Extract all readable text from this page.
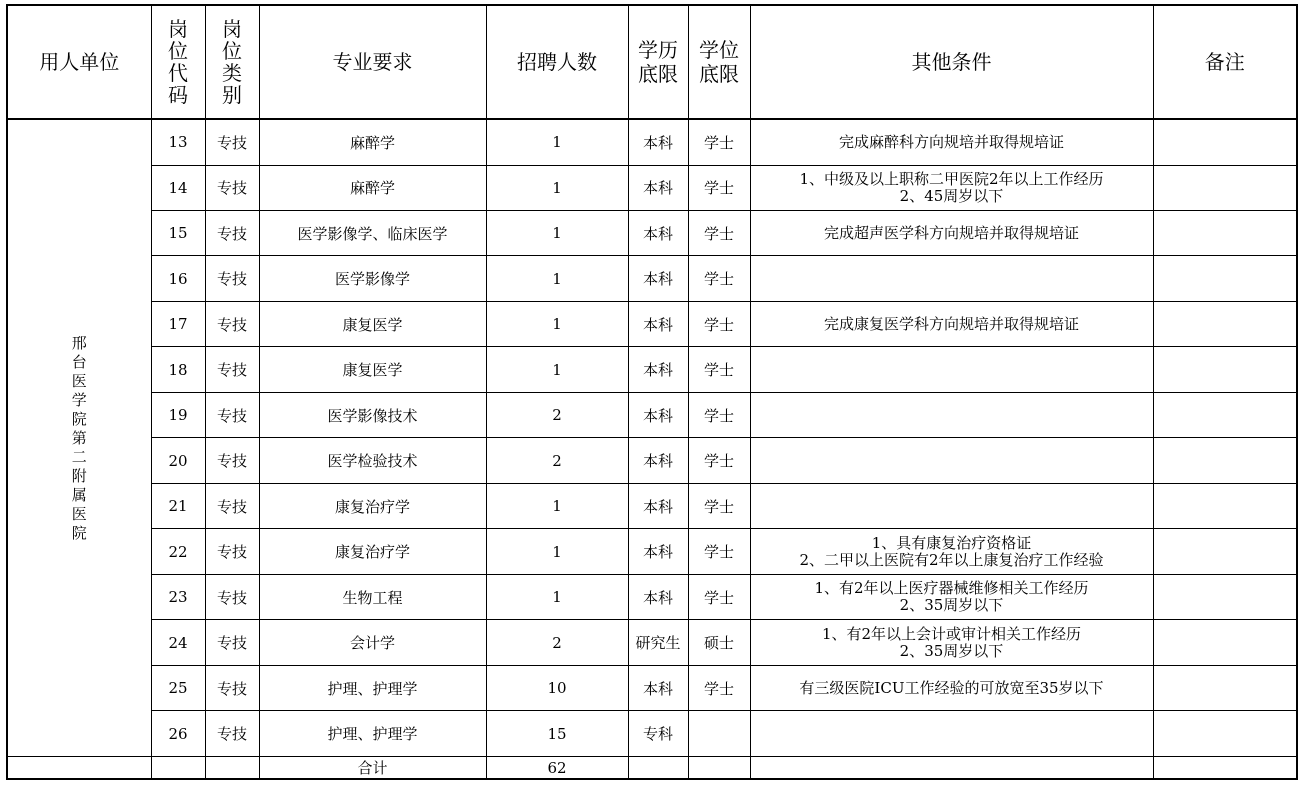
用人单位	岗位代码	岗位类别	专业要求	招聘人数	学历底限	学位底限	其他条件	备注
邢台医学院第二附属医院	13	专技	麻醉学	1	本科	学士	完成麻醉科方向规培并取得规培证	

	14	专技	麻醉学	1	本科	学士	1、中级及以上职称二甲医院2年以上工作经历
2、45周岁以下	

	15	专技	医学影像学、临床医学	1	本科	学士	完成超声医学科方向规培并取得规培证	

	16	专技	医学影像学	1	本科	学士		
	17	专技	康复医学	1	本科	学士	完成康复医学科方向规培并取得规培证	

	18	专技	康复医学	1	本科	学士		
	19	专技	医学影像技术	2	本科	学士		
	20	专技	医学检验技术	2	本科	学士		
	21	专技	康复治疗学	1	本科	学士		
	22	专技	康复治疗学	1	本科	学士	1、具有康复治疗资格证
2、二甲以上医院有2年以上康复治疗工作经验	

	23	专技	生物工程	1	本科	学士	1、有2年以上医疗器械维修相关工作经历
2、35周岁以下	

	24	专技	会计学	2	研究生	硕士	1、有2年以上会计或审计相关工作经历
2、35周岁以下	

	25	专技	护理、护理学	10	本科	学士	有三级医院ICU工作经验的可放宽至35岁以下	

	26	专技	护理、护理学	15	专科			
			合计	62				
